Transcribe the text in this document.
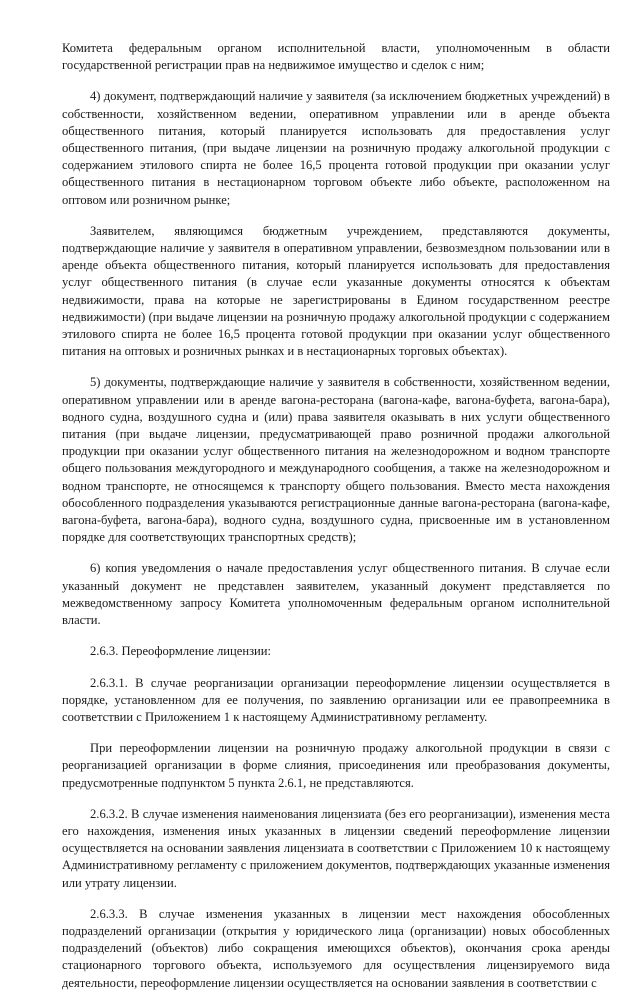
Комитета федеральным органом исполнительной власти, уполномоченным в области государственной регистрации прав на недвижимое имущество и сделок с ним;

4) документ, подтверждающий наличие у заявителя (за исключением бюджетных учреждений) в собственности, хозяйственном ведении, оперативном управлении или в аренде объекта общественного питания, который планируется использовать для предоставления услуг общественного питания, (при выдаче лицензии на розничную продажу алкогольной продукции с содержанием этилового спирта не более 16,5 процента готовой продукции при оказании услуг общественного питания в нестационарном торговом объекте либо объекте, расположенном на оптовом или розничном рынке;

Заявителем, являющимся бюджетным учреждением, представляются документы, подтверждающие наличие у заявителя в оперативном управлении, безвозмездном пользовании или в аренде объекта общественного питания, который планируется использовать для предоставления услуг общественного питания (в случае если указанные документы относятся к объектам недвижимости, права на которые не зарегистрированы в Едином государственном реестре недвижимости) (при выдаче лицензии на розничную продажу алкогольной продукции с содержанием этилового спирта не более 16,5 процента готовой продукции при оказании услуг общественного питания на оптовых и розничных рынках и в нестационарных торговых объектах).

5) документы, подтверждающие наличие у заявителя в собственности, хозяйственном ведении, оперативном управлении или в аренде вагона-ресторана (вагона-кафе, вагона-буфета, вагона-бара), водного судна, воздушного судна и (или) права заявителя оказывать в них услуги общественного питания (при выдаче лицензии, предусматривающей право розничной продажи алкогольной продукции при оказании услуг общественного питания на железнодорожном и водном транспорте общего пользования междугородного и международного сообщения, а также на железнодорожном и водном транспорте, не относящемся к транспорту общего пользования. Вместо места нахождения обособленного подразделения указываются регистрационные данные вагона-ресторана (вагона-кафе, вагона-буфета, вагона-бара), водного судна, воздушного судна, присвоенные им в установленном порядке для соответствующих транспортных средств);

6) копия уведомления о начале предоставления услуг общественного питания. В случае если указанный документ не представлен заявителем, указанный документ представляется по межведомственному запросу Комитета уполномоченным федеральным органом исполнительной власти.

2.6.3. Переоформление лицензии:

2.6.3.1. В случае реорганизации организации переоформление лицензии осуществляется в порядке, установленном для ее получения, по заявлению организации или ее правопреемника в соответствии с Приложением 1 к настоящему Административному регламенту.

При переоформлении лицензии на розничную продажу алкогольной продукции в связи с реорганизацией организации в форме слияния, присоединения или преобразования документы, предусмотренные подпунктом 5 пункта 2.6.1, не представляются.

2.6.3.2. В случае изменения наименования лицензиата (без его реорганизации), изменения места его нахождения, изменения иных указанных в лицензии сведений переоформление лицензии осуществляется на основании заявления лицензиата в соответствии с Приложением 10 к настоящему Административному регламенту с приложением документов, подтверждающих указанные изменения или утрату лицензии.

2.6.3.3. В случае изменения указанных в лицензии мест нахождения обособленных подразделений организации (открытия у юридического лица (организации) новых обособленных подразделений (объектов) либо сокращения имеющихся объектов), окончания срока аренды стационарного торгового объекта, используемого для осуществления лицензируемого вида деятельности, переоформление лицензии осуществляется на основании заявления в соответствии с
